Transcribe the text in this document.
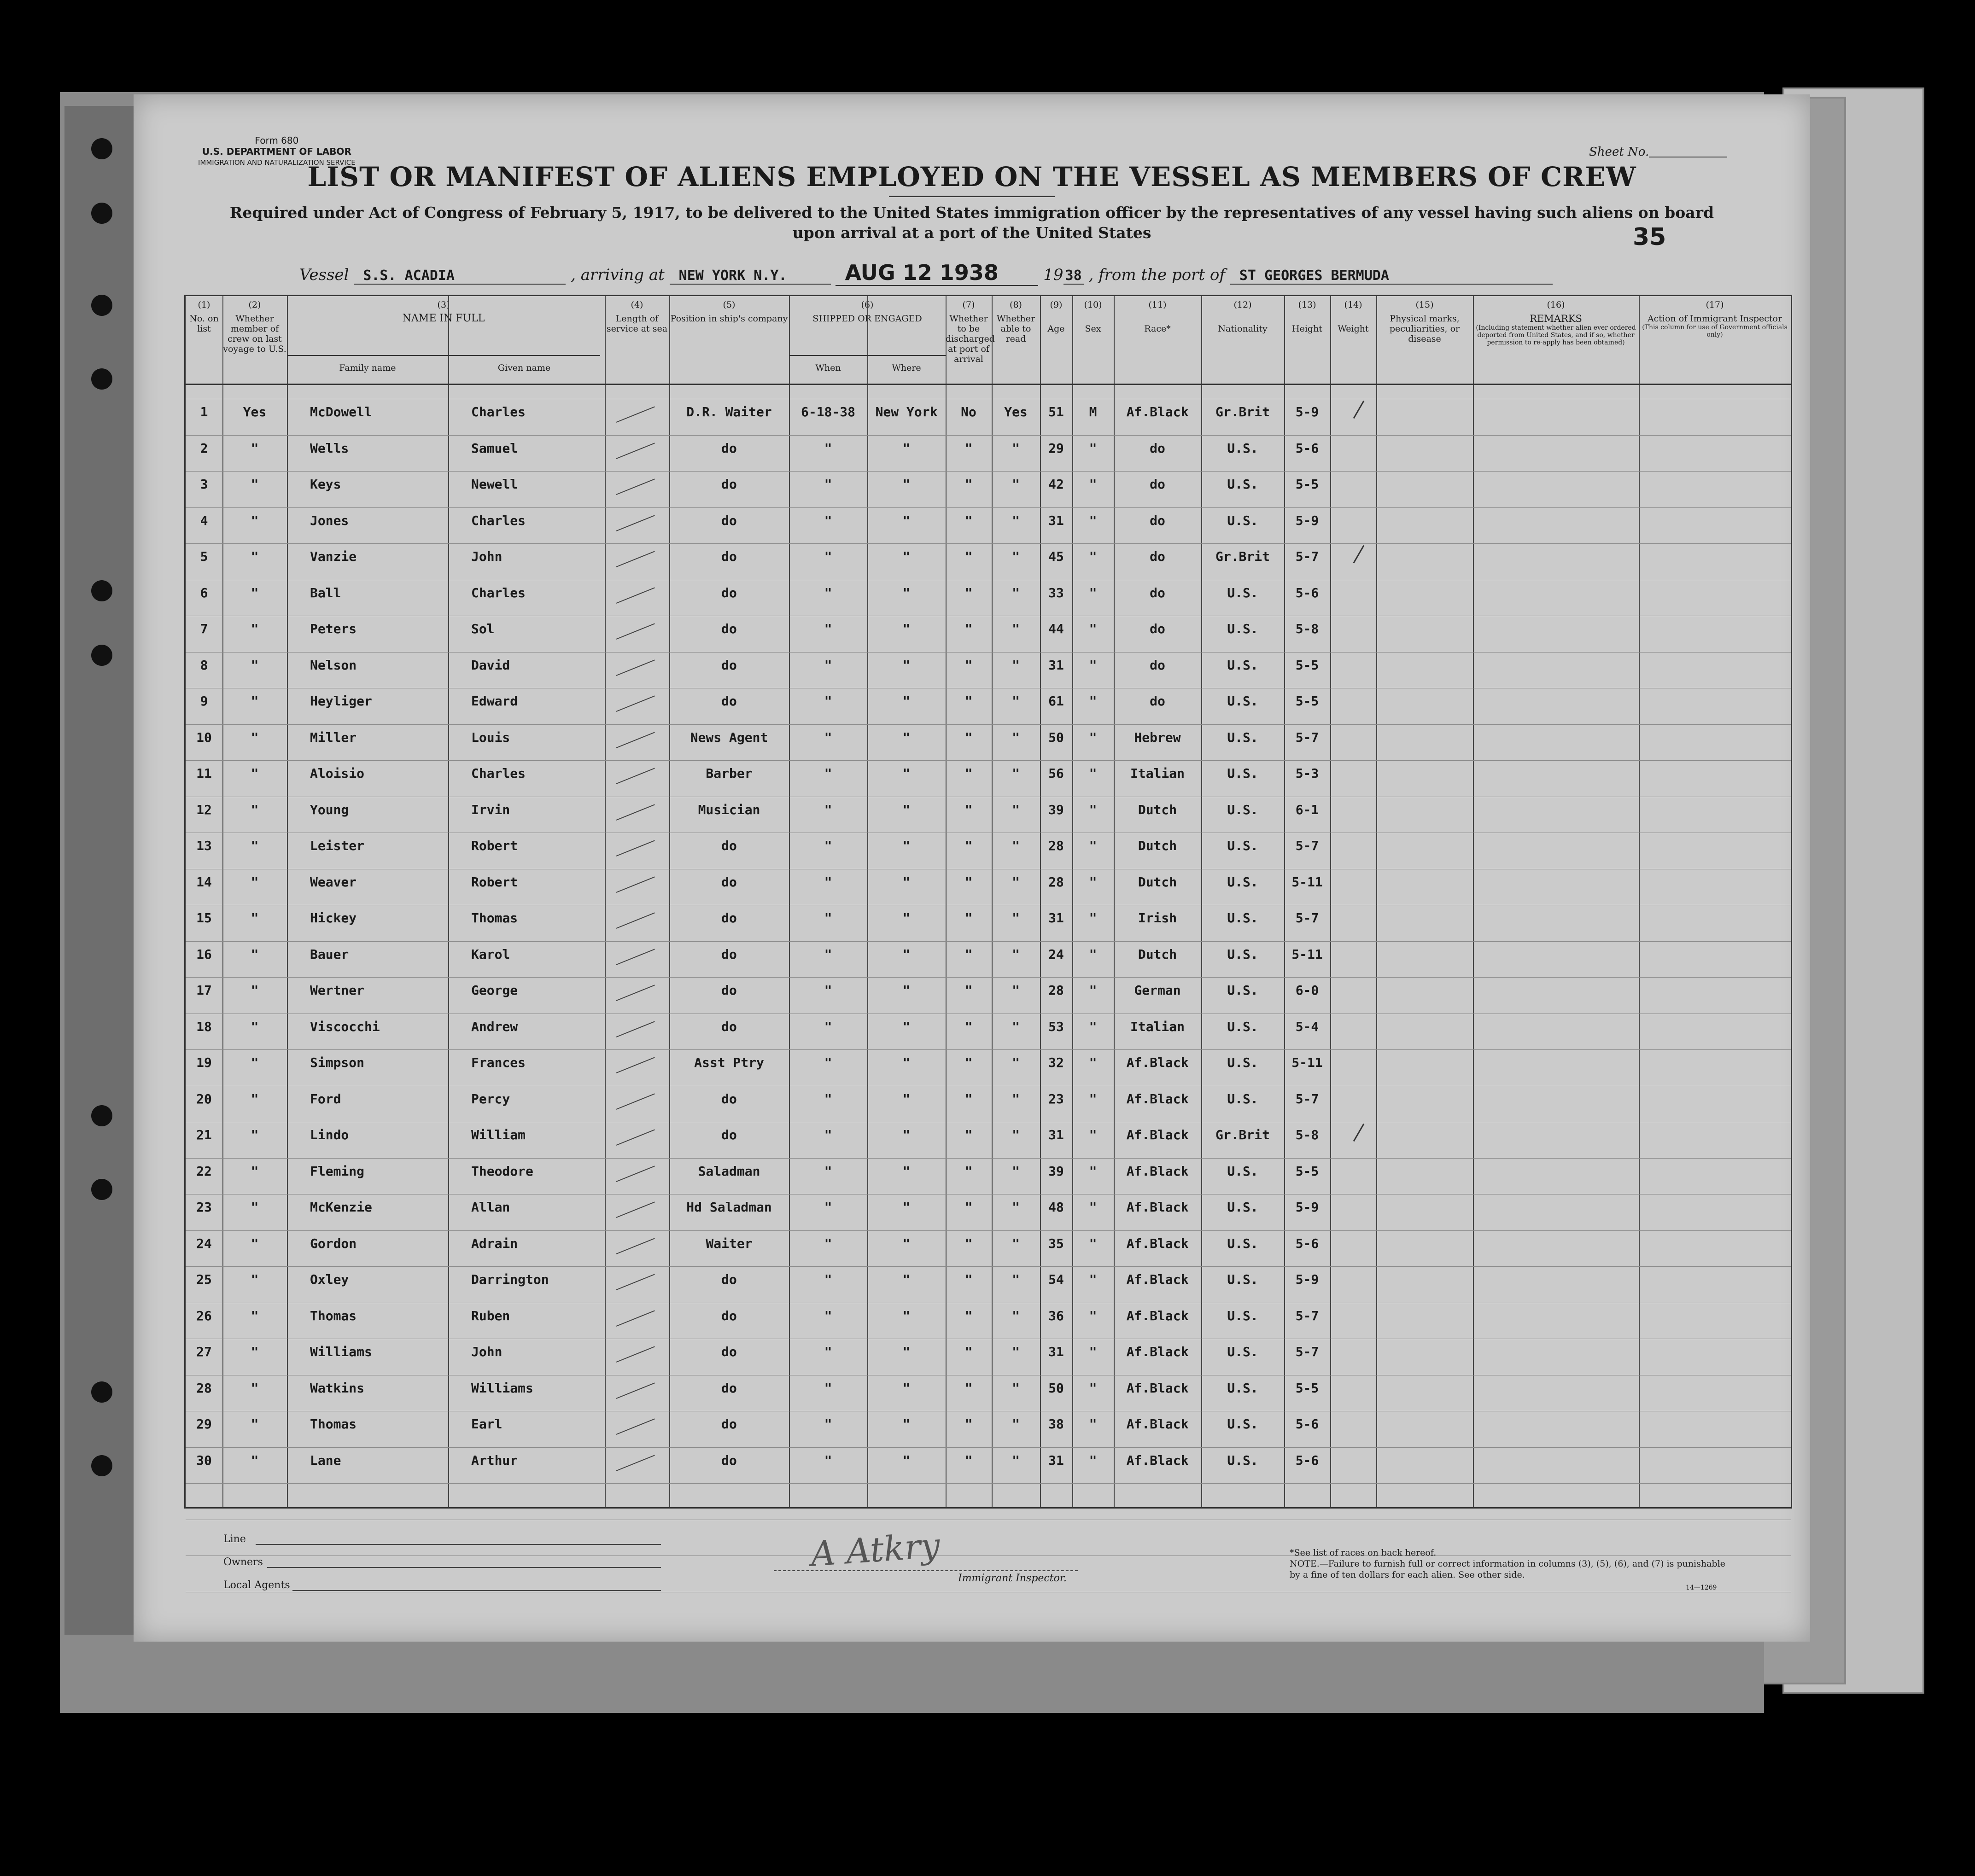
Form 680
U.S. DEPARTMENT OF LABOR
IMMIGRATION AND NATURALIZATION SERVICE
Sheet No.
LIST OR MANIFEST OF ALIENS EMPLOYED ON THE VESSEL AS MEMBERS OF CREW
Required under Act of Congress of February 5, 1917, to be delivered to the United States immigration officer by the representatives of any vessel having such aliens on board upon arrival at a port of the United States	35
Vessel S.S. ACADIA	, arriving at NEW YORK N.Y.	AUG 12 1938	19 38 , from the port of ST GEORGES BERMUDA
(1)
No. on list
(2)
Whether member of crew on last voyage to U.S.
(3)
NAME IN FULL
Family name	Given name
(4)
Length of service at sea
(5)
Position in ship's company
(6)
SHIPPED OR ENGAGED
When	Where
(7)
Whether to be discharged at port of arrival
(8)
Whether able to read
(9)

Age
(10)

Sex
(11)

Race*
(12)

Nationality
(13)

Height
(14)

Weight
(15)
Physical marks, peculiarities, or disease
(16)
REMARKS

(Including statement whether alien ever ordered deported from United States, and if so, whether permission to re-apply has been obtained)
(17)
Action of Immigrant Inspector

(This column for use of Government officials only)
1	Yes	McDowell	Charles	D.R. Waiter	6-18-38	New York	No	Yes	51	M	Af.Black	Gr.Brit	5-9
2	"	Wells	Samuel	do	"	"	"	"	29	"	do	U.S.	5-6
3	"	Keys	Newell	do	"	"	"	"	42	"	do	U.S.	5-5
4	"	Jones	Charles	do	"	"	"	"	31	"	do	U.S.	5-9
5	"	Vanzie	John	do	"	"	"	"	45	"	do	Gr.Brit	5-7
6	"	Ball	Charles	do	"	"	"	"	33	"	do	U.S.	5-6
7	"	Peters	Sol	do	"	"	"	"	44	"	do	U.S.	5-8
8	"	Nelson	David	do	"	"	"	"	31	"	do	U.S.	5-5
9	"	Heyliger	Edward	do	"	"	"	"	61	"	do	U.S.	5-5
10	"	Miller	Louis	News Agent	"	"	"	"	50	"	Hebrew	U.S.	5-7
11	"	Aloisio	Charles	Barber	"	"	"	"	56	"	Italian	U.S.	5-3
12	"	Young	Irvin	Musician	"	"	"	"	39	"	Dutch	U.S.	6-1
13	"	Leister	Robert	do	"	"	"	"	28	"	Dutch	U.S.	5-7
14	"	Weaver	Robert	do	"	"	"	"	28	"	Dutch	U.S.	5-11
15	"	Hickey	Thomas	do	"	"	"	"	31	"	Irish	U.S.	5-7
16	"	Bauer	Karol	do	"	"	"	"	24	"	Dutch	U.S.	5-11
17	"	Wertner	George	do	"	"	"	"	28	"	German	U.S.	6-0
18	"	Viscocchi	Andrew	do	"	"	"	"	53	"	Italian	U.S.	5-4
19	"	Simpson	Frances	Asst Ptry	"	"	"	"	32	"	Af.Black	U.S.	5-11
20	"	Ford	Percy	do	"	"	"	"	23	"	Af.Black	U.S.	5-7
21	"	Lindo	William	do	"	"	"	"	31	"	Af.Black	Gr.Brit	5-8
22	"	Fleming	Theodore	Saladman	"	"	"	"	39	"	Af.Black	U.S.	5-5
23	"	McKenzie	Allan	Hd Saladman	"	"	"	"	48	"	Af.Black	U.S.	5-9
24	"	Gordon	Adrain	Waiter	"	"	"	"	35	"	Af.Black	U.S.	5-6
25	"	Oxley	Darrington	do	"	"	"	"	54	"	Af.Black	U.S.	5-9
26	"	Thomas	Ruben	do	"	"	"	"	36	"	Af.Black	U.S.	5-7
27	"	Williams	John	do	"	"	"	"	31	"	Af.Black	U.S.	5-7
28	"	Watkins	Williams	do	"	"	"	"	50	"	Af.Black	U.S.	5-5
29	"	Thomas	Earl	do	"	"	"	"	38	"	Af.Black	U.S.	5-6
30	"	Lane	Arthur	do	"	"	"	"	31	"	Af.Black	U.S.	5-6
Line
Owners
Local Agents
A Atkry
Immigrant Inspector.
*See list of races on back hereof.
NOTE.—Failure to furnish full or correct information in columns (3), (5), (6), and (7) is punishable by a fine of ten dollars for each alien. See other side.
14—1269
